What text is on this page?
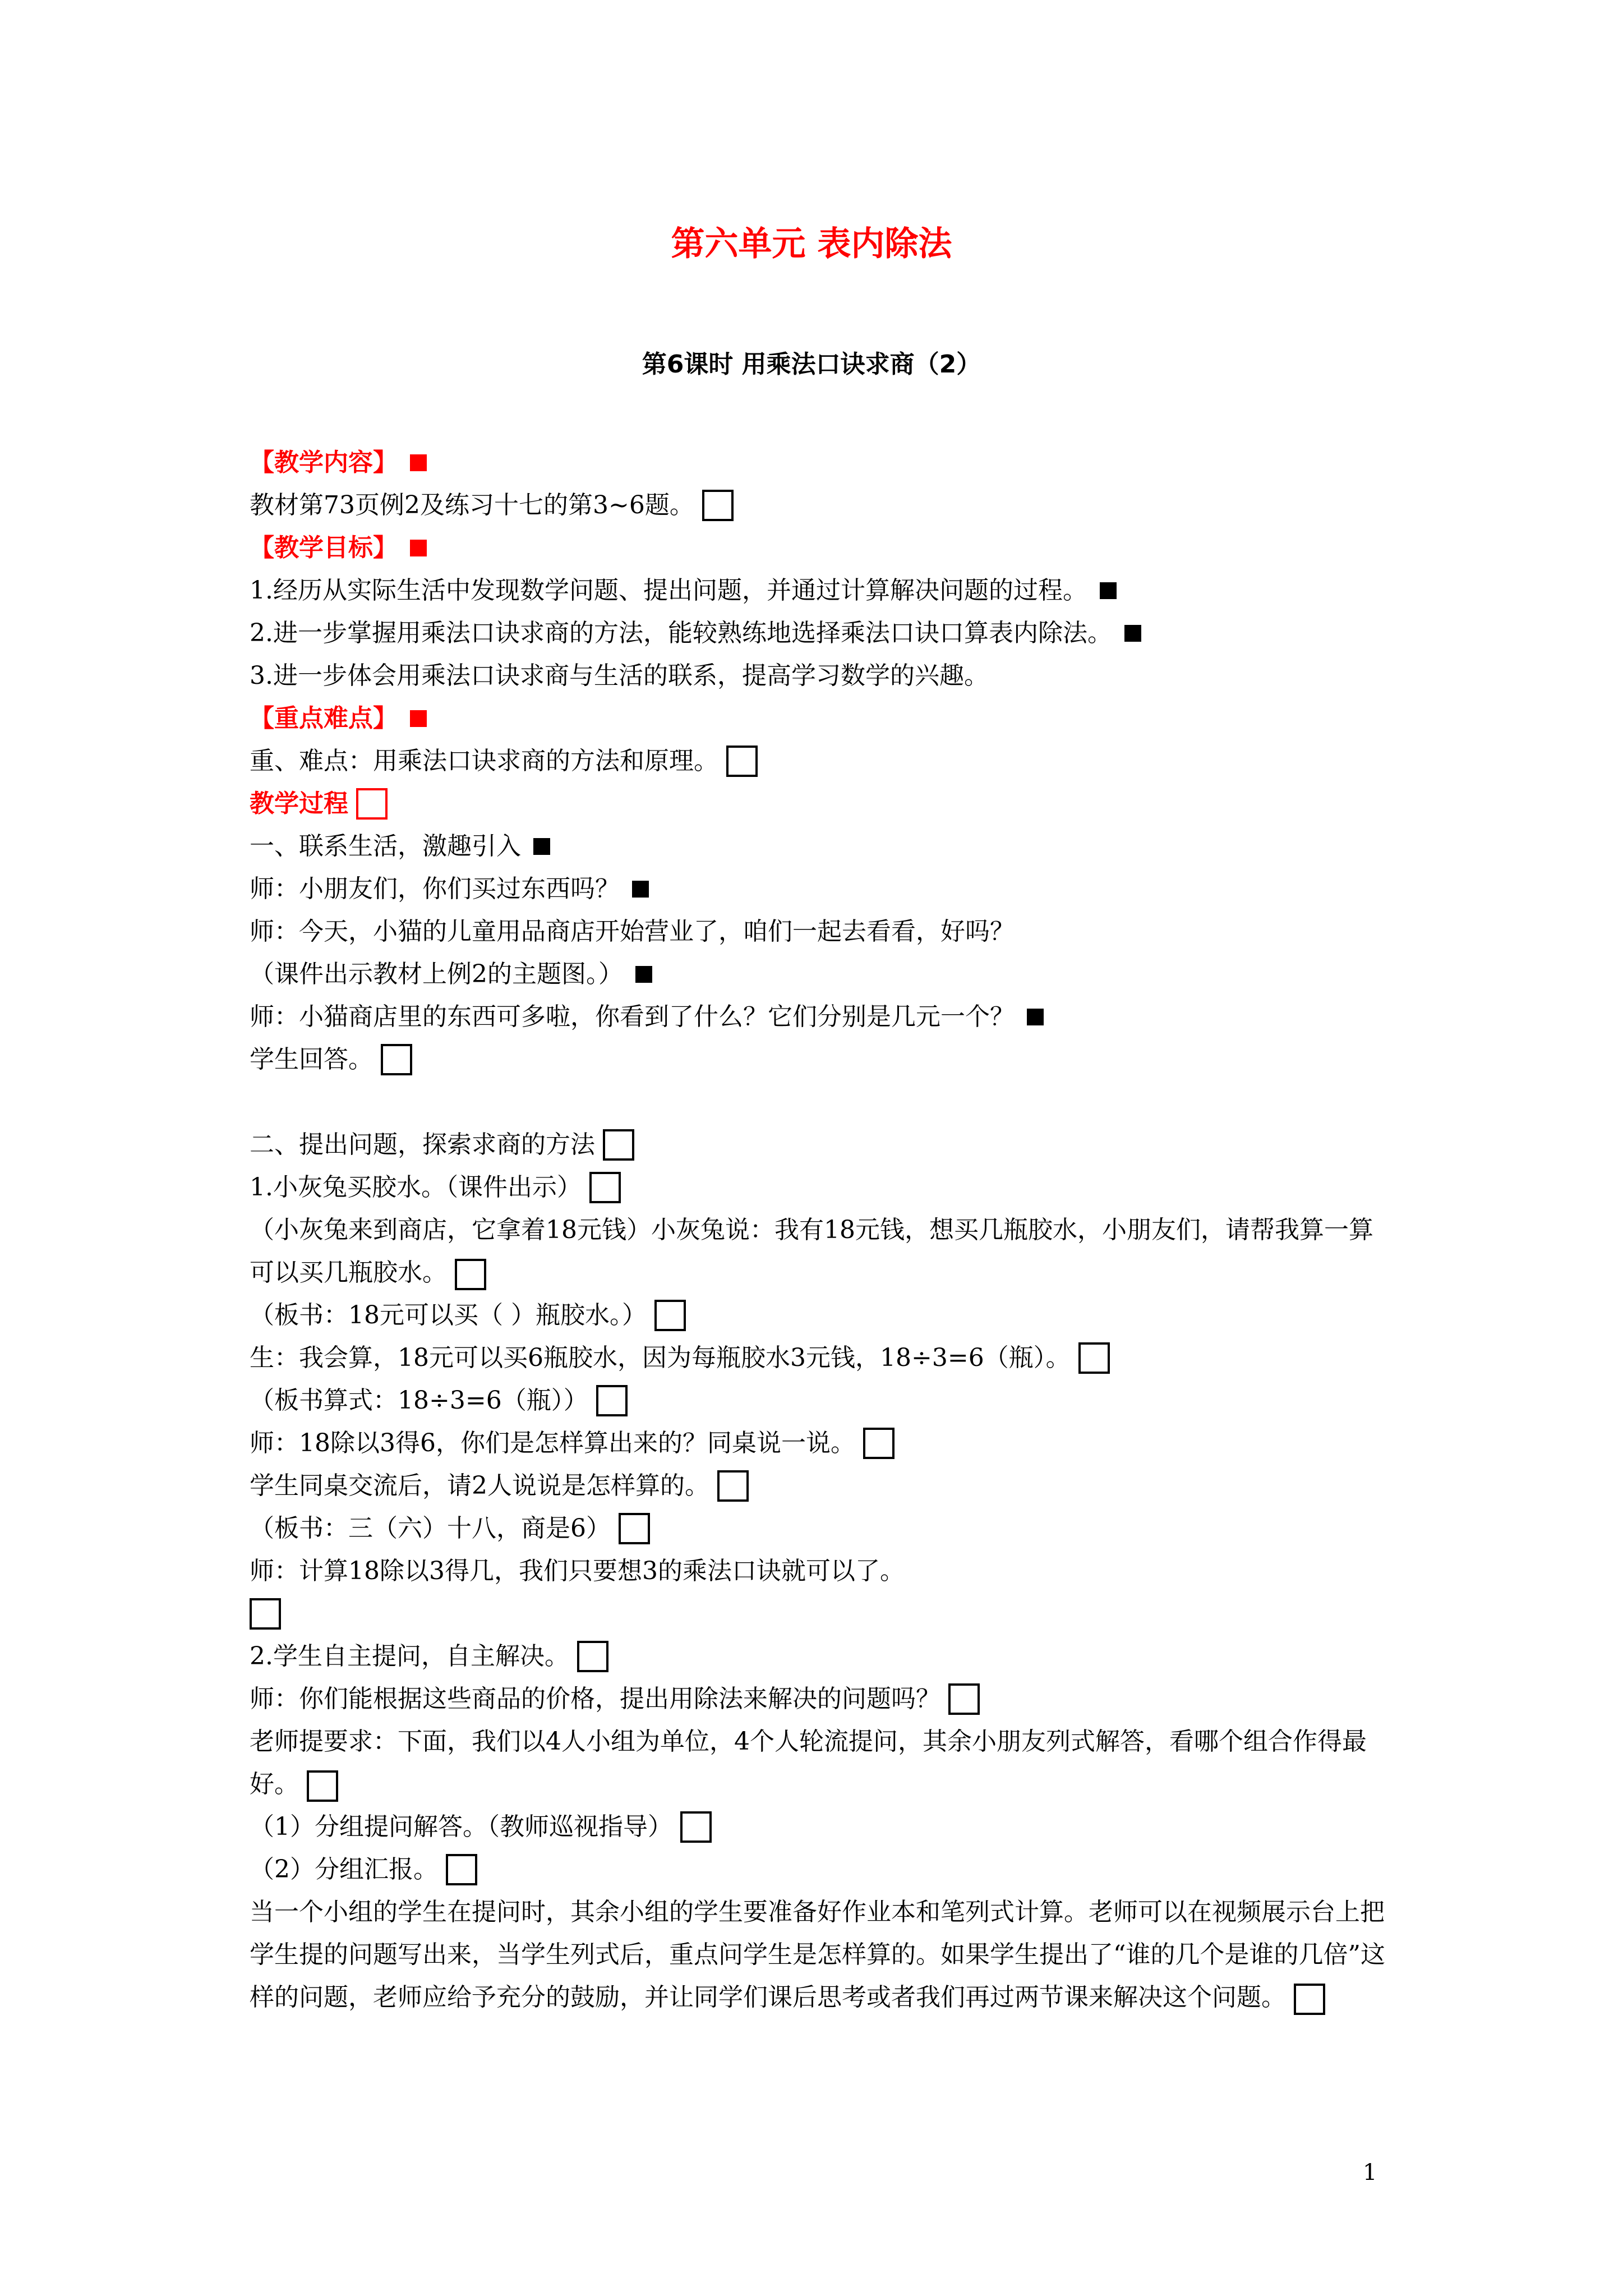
第六单元 表内除法
第6课时 用乘法口诀求商（2）
【教学内容】
教材第73页例2及练习十七的第3~6题。
【教学目标】
1.经历从实际生活中发现数学问题、提出问题，并通过计算解决问题的过程。
2.进一步掌握用乘法口诀求商的方法，能较熟练地选择乘法口诀口算表内除法。
3.进一步体会用乘法口诀求商与生活的联系，提高学习数学的兴趣。
【重点难点】
重、难点：用乘法口诀求商的方法和原理。
教学过程
一、联系生活，激趣引入
师：小朋友们，你们买过东西吗？
师：今天，小猫的儿童用品商店开始营业了，咱们一起去看看，好吗？
（课件出示教材上例2的主题图。）
师：小猫商店里的东西可多啦，你看到了什么？它们分别是几元一个？
学生回答。
二、提出问题，探索求商的方法
1.小灰兔买胶水。（课件出示）
（小灰兔来到商店，它拿着18元钱）小灰兔说：我有18元钱，想买几瓶胶水，小朋友们，请帮我算一算可以买几瓶胶水。
（板书：18元可以买（ ）瓶胶水。）
生：我会算，18元可以买6瓶胶水，因为每瓶胶水3元钱，18÷3=6（瓶）。
（板书算式：18÷3=6（瓶））
师：18除以3得6，你们是怎样算出来的？同桌说一说。
学生同桌交流后，请2人说说是怎样算的。
（板书：三（六）十八，商是6）
师：计算18除以3得几，我们只要想3的乘法口诀就可以了。
2.学生自主提问，自主解决。
师：你们能根据这些商品的价格，提出用除法来解决的问题吗？
老师提要求：下面，我们以4人小组为单位，4个人轮流提问，其余小朋友列式解答，看哪个组合作得最好。
（1）分组提问解答。（教师巡视指导）
（2）分组汇报。
当一个小组的学生在提问时，其余小组的学生要准备好作业本和笔列式计算。老师可以在视频展示台上把学生提的问题写出来，当学生列式后，重点问学生是怎样算的。如果学生提出了“谁的几个是谁的几倍”这样的问题，老师应给予充分的鼓励，并让同学们课后思考或者我们再过两节课来解决这个问题。
1
